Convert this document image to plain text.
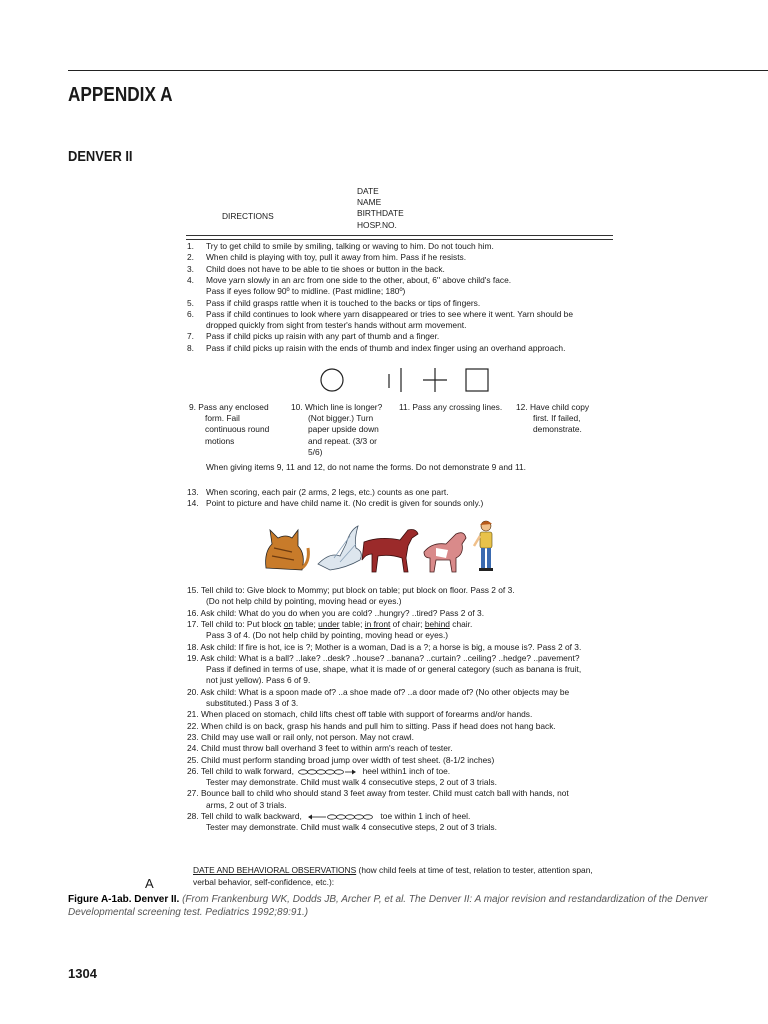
APPENDIX A
DENVER II
DATE
NAME
BIRTHDATE
HOSP.NO.
DIRECTIONS
1. Try to get child to smile by smiling, talking or waving to him. Do not touch him.
2. When child is playing with toy, pull it away from him. Pass if he resists.
3. Child does not have to be able to tie shoes or button in the back.
4. Move yarn slowly in an arc from one side to the other, about, 6'' above child's face.
Pass if eyes follow 90º to midline. (Past midline; 180º)
5. Pass if child grasps rattle when it is touched to the backs or tips of fingers.
6. Pass if child continues to look where yarn disappeared or tries to see where it went. Yarn should be
dropped quickly from sight from tester's hands without arm movement.
7. Pass if child picks up raisin with any part of thumb and a finger.
8. Pass if child picks up raisin with the ends of thumb and index finger using an overhand approach.
9. Pass any enclosed
form. Fail
continuous round
motions
10. Which line is longer?
(Not bigger.) Turn
paper upside down
and repeat. (3/3 or
5/6)
11. Pass any crossing lines.	12. Have child copy
first. If failed,
demonstrate.
When giving items 9, 11 and 12, do not name the forms. Do not demonstrate 9 and 11.
13. When scoring, each pair (2 arms, 2 legs, etc.) counts as one part.
14. Point to picture and have child name it. (No credit is given for sounds only.)
15. Tell child to: Give block to Mommy; put block on table; put block on floor. Pass 2 of 3.
(Do not help child by pointing, moving head or eyes.)
16. Ask child: What do you do when you are cold? ..hungry? ..tired? Pass 2 of 3.
17. Tell child to: Put block on table; under table; in front of chair; behind chair.
Pass 3 of 4. (Do not help child by pointing, moving head or eyes.)
18. Ask child: If fire is hot, ice is ?; Mother is a woman, Dad is a ?; a horse is big, a mouse is?. Pass 2 of 3.
19. Ask child: What is a ball? ..lake? ..desk? ..house? ..banana? ..curtain? ..ceiling? ..hedge? ..pavement?
Pass if defined in terms of use, shape, what it is made of or general category (such as banana is fruit,
not just yellow). Pass 6 of 9.
20. Ask child: What is a spoon made of? ..a shoe made of? ..a door made of? (No other objects may be
substituted.) Pass 3 of 3.
21. When placed on stomach, child lifts chest off table with support of forearms and/or hands.
22. When child is on back, grasp his hands and pull him to sitting. Pass if head does not hang back.
23. Child may use wall or rail only, not person. May not crawl.
24. Child must throw ball overhand 3 feet to within arm's reach of tester.
25. Child must perform standing broad jump over width of test sheet. (8-1/2 inches)
26. Tell child to walk forward,	heel within1 inch of toe.
Tester may demonstrate. Child must walk 4 consecutive steps, 2 out of 3 trials.
27. Bounce ball to child who should stand 3 feet away from tester. Child must catch ball with hands, not
arms, 2 out of 3 trials.
28. Tell child to walk backward,	toe within 1 inch of heel.
Tester may demonstrate. Child must walk 4 consecutive steps, 2 out of 3 trials.
DATE AND BEHAVIORAL OBSERVATIONS (how child feels at time of test, relation to tester, attention span,
verbal behavior, self-confidence, etc.):
A
Figure A-1ab. Denver II. (From Frankenburg WK, Dodds JB, Archer P, et al. The Denver II: A major revision and restandardization of the Denver Developmental screening test. Pediatrics 1992;89:91.)
1304
